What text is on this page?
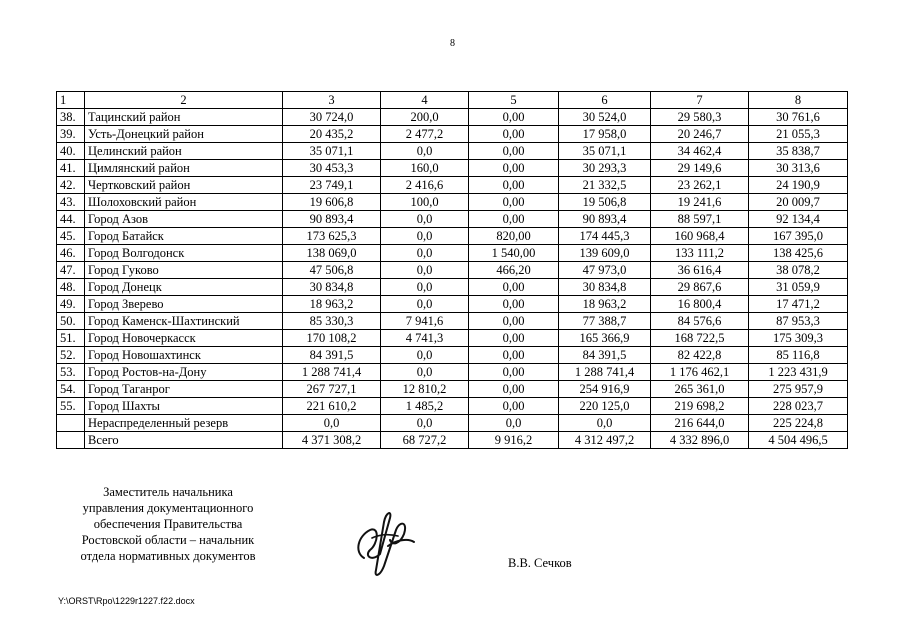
8
1	2	3	4	5	6	7	8
38.	Тацинский район	30 724,0	200,0	0,00	30 524,0	29 580,3	30 761,6
39.	Усть-Донецкий район	20 435,2	2 477,2	0,00	17 958,0	20 246,7	21 055,3
40.	Целинский район	35 071,1	0,0	0,00	35 071,1	34 462,4	35 838,7
41.	Цимлянский район	30 453,3	160,0	0,00	30 293,3	29 149,6	30 313,6
42.	Чертковский район	23 749,1	2 416,6	0,00	21 332,5	23 262,1	24 190,9
43.	Шолоховский район	19 606,8	100,0	0,00	19 506,8	19 241,6	20 009,7
44.	Город Азов	90 893,4	0,0	0,00	90 893,4	88 597,1	92 134,4
45.	Город Батайск	173 625,3	0,0	820,00	174 445,3	160 968,4	167 395,0
46.	Город Волгодонск	138 069,0	0,0	1 540,00	139 609,0	133 111,2	138 425,6
47.	Город Гуково	47 506,8	0,0	466,20	47 973,0	36 616,4	38 078,2
48.	Город Донецк	30 834,8	0,0	0,00	30 834,8	29 867,6	31 059,9
49.	Город Зверево	18 963,2	0,0	0,00	18 963,2	16 800,4	17 471,2
50.	Город Каменск-Шахтинский	85 330,3	7 941,6	0,00	77 388,7	84 576,6	87 953,3
51.	Город Новочеркасск	170 108,2	4 741,3	0,00	165 366,9	168 722,5	175 309,3
52.	Город Новошахтинск	84 391,5	0,0	0,00	84 391,5	82 422,8	85 116,8
53.	Город Ростов-на-Дону	1 288 741,4	0,0	0,00	1 288 741,4	1 176 462,1	1 223 431,9
54.	Город Таганрог	267 727,1	12 810,2	0,00	254 916,9	265 361,0	275 957,9
55.	Город Шахты	221 610,2	1 485,2	0,00	220 125,0	219 698,2	228 023,7
	Нераспределенный резерв	0,0	0,0	0,0	0,0	216 644,0	225 224,8
	Всего	4 371 308,2	68 727,2	9 916,2	4 312 497,2	4 332 896,0	4 504 496,5
Заместитель начальника
управления документационного
обеспечения Правительства
Ростовской области – начальник
отдела нормативных документов	В.В. Сечков
Y:\ORST\Rpo\1229r1227.f22.docx
